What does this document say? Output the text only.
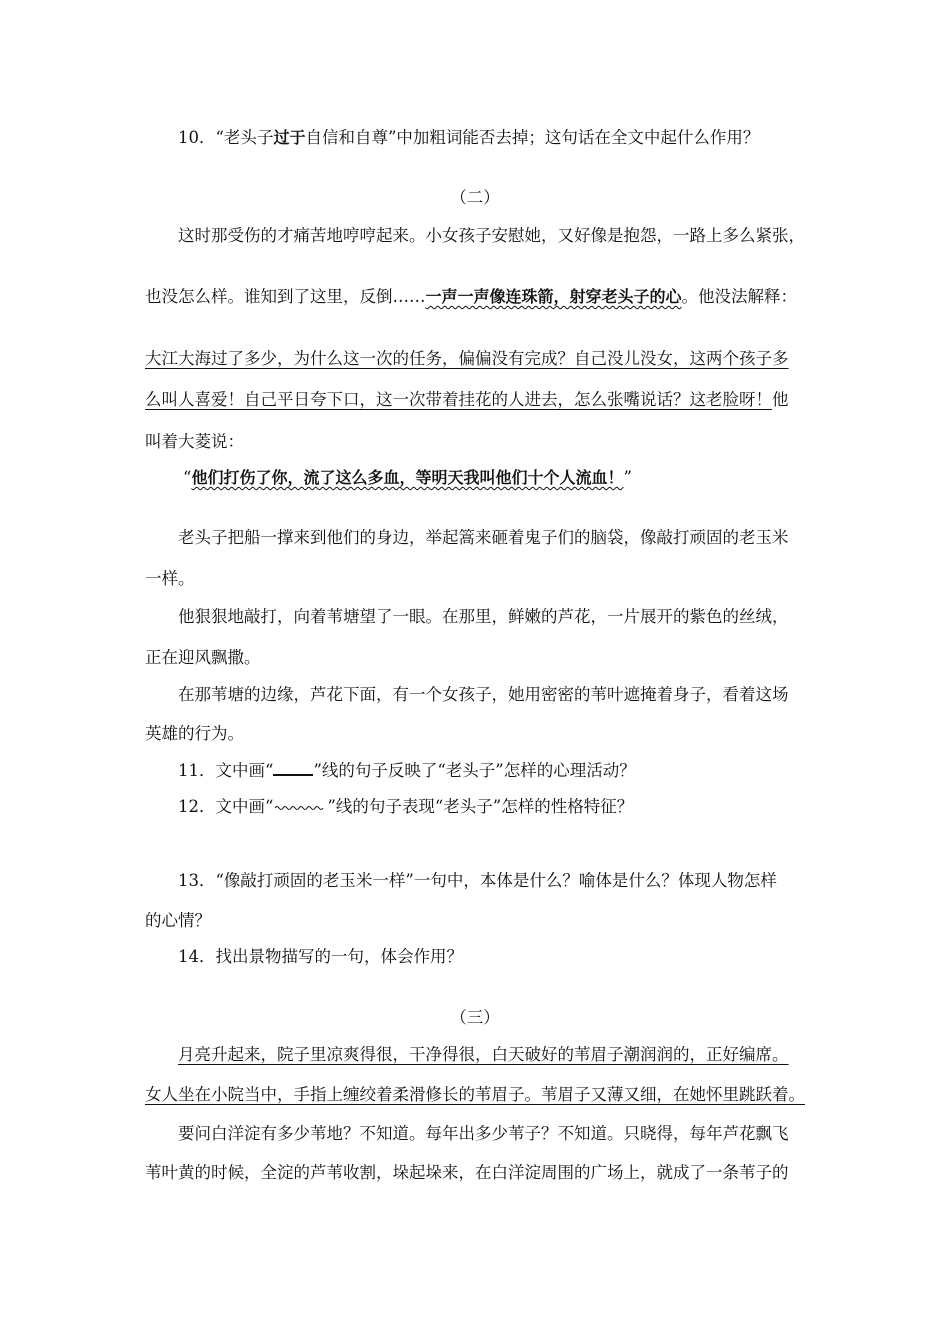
10．“老头子过于自信和自尊”中加粗词能否去掉；这句话在全文中起什么作用？
（二）
这时那受伤的才痛苦地哼哼起来。小女孩子安慰她，又好像是抱怨，一路上多么紧张，
也没怎么样。谁知到了这里，反倒……一声一声像连珠箭，射穿老头子的心。他没法解释：
大江大海过了多少，为什么这一次的任务，偏偏没有完成？自己没儿没女，这两个孩子多
么叫人喜爱！自己平日夸下口，这一次带着挂花的人进去，怎么张嘴说话？这老脸呀！他
叫着大菱说：
“他们打伤了你，流了这么多血，等明天我叫他们十个人流血！”
老头子把船一撑来到他们的身边，举起篙来砸着鬼子们的脑袋，像敲打顽固的老玉米
一样。
他狠狠地敲打，向着苇塘望了一眼。在那里，鲜嫩的芦花，一片展开的紫色的丝绒，
正在迎风飘撒。
在那苇塘的边缘，芦花下面，有一个女孩子，她用密密的苇叶遮掩着身子，看着这场
英雄的行为。
11．文中画“ ”线的句子反映了“老头子”怎样的心理活动？
12．文中画“	”线的句子表现“老头子”怎样的性格特征？
13．“像敲打顽固的老玉米一样”一句中，本体是什么？喻体是什么？体现人物怎样
的心情？
14．找出景物描写的一句，体会作用？
（三）
月亮升起来，院子里凉爽得很，干净得很，白天破好的苇眉子潮润润的，正好编席。
女人坐在小院当中，手指上缠绞着柔滑修长的苇眉子。苇眉子又薄又细，在她怀里跳跃着。
要问白洋淀有多少苇地？不知道。每年出多少苇子？不知道。只晓得，每年芦花飘飞
苇叶黄的时候，全淀的芦苇收割，垛起垛来，在白洋淀周围的广场上，就成了一条苇子的
